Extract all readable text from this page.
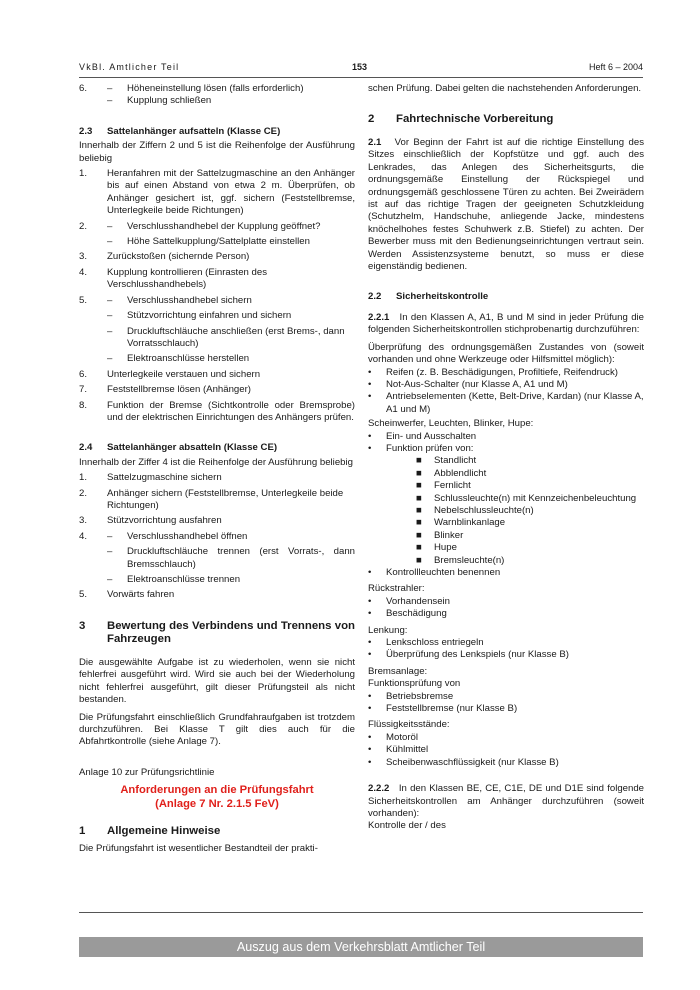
VkBl. Amtlicher Teil	153	Heft 6 – 2004
6.	–	Höheneinstellung lösen (falls erforderlich)
–	Kupplung schließen
2.3	Sattelanhänger aufsatteln (Klasse CE)

Innerhalb der Ziffern 2 und 5 ist die Reihenfolge der Ausführung beliebig

1.	Heranfahren mit der Sattelzugmaschine an den Anhänger bis auf einen Abstand von etwa 2 m. Überprüfen, ob Anhänger gesichert ist, ggf. sichern (Feststellbremse, Unterlegkeile beide Richtungen)

2.	–	Verschlusshandhebel der Kupplung geöffnet?
–	Höhe Sattelkupplung/Sattelplatte einstellen
3.	Zurückstoßen (sichernde Person)
4.	Kupplung kontrollieren (Einrasten des Verschlusshandhebels)
5.	–	Verschlusshandhebel sichern
–	Stützvorrichtung einfahren und sichern
–	Druckluftschläuche anschließen (erst Brems-, dann Vorratsschlauch)
–	Elektroanschlüsse herstellen
6.	Unterlegkeile verstauen und sichern
7.	Feststellbremse lösen (Anhänger)
8.	Funktion der Bremse (Sichtkontrolle oder Bremsprobe) und der elektrischen Einrichtungen des Anhängers prüfen.

2.4	Sattelanhänger absatteln (Klasse CE)

Innerhalb der Ziffer 4 ist die Reihenfolge der Ausführung beliebig

1.	Sattelzugmaschine sichern
2.	Anhänger sichern (Feststellbremse, Unterlegkeile beide Richtungen)
3.	Stützvorrichtung ausfahren
4.	–	Verschlusshandhebel öffnen
–	Druckluftschläuche trennen (erst Vorrats-, dann Bremsschlauch)

–	Elektroanschlüsse trennen
5.	Vorwärts fahren
3	Bewertung des Verbindens und Trennens von Fahrzeugen

Die ausgewählte Aufgabe ist zu wiederholen, wenn sie nicht fehlerfrei ausgeführt wird. Wird sie auch bei der Wiederholung nicht fehlerfrei ausgeführt, gilt dieser Prüfungsteil als nicht bestanden.

Die Prüfungsfahrt einschließlich Grundfahraufgaben ist trotzdem durchzuführen. Bei Klasse T gilt dies auch für die Abfahrtkontrolle (siehe Anlage 7).

Anlage 10 zur Prüfungsrichtlinie

Anforderungen an die Prüfungsfahrt
(Anlage 7 Nr. 2.1.5 FeV)
1	Allgemeine Hinweise

Die Prüfungsfahrt ist wesentlicher Bestandteil der prakti-

schen Prüfung. Dabei gelten die nachstehenden Anforderungen.

2	Fahrtechnische Vorbereitung

2.1 Vor Beginn der Fahrt ist auf die richtige Einstellung des Sitzes einschließlich der Kopfstütze und ggf. auch des Lenkrades, das Anlegen des Sicherheitsgurts, die ordnungsgemäße Einstellung der Rückspiegel und ordnungsgemäß geschlossene Türen zu achten. Bei Zweirädern ist auf das richtige Tragen der geeigneten Schutzkleidung (Schutzhelm, Handschuhe, anliegende Jacke, mindestens knöchelhohes festes Schuhwerk z.B. Stiefel) zu achten. Der Bewerber muss mit den Bedienungseinrichtungen vertraut sein. Werden Assistenzsysteme benutzt, so muss er diese eigenständig bedienen.

2.2	Sicherheitskontrolle

2.2.1 In den Klassen A, A1, B und M sind in jeder Prüfung die folgenden Sicherheitskontrollen stichprobenartig durchzuführen:

Überprüfung des ordnungsgemäßen Zustandes von (soweit vorhanden und ohne Werkzeuge oder Hilfsmittel möglich):

•	Reifen (z. B. Beschädigungen, Profiltiefe, Reifendruck)
•	Not-Aus-Schalter (nur Klasse A, A1 und M)
•	Antriebselementen (Kette, Belt-Drive, Kardan) (nur Klasse A, A1 und M)

Scheinwerfer, Leuchten, Blinker, Hupe:

•	Ein- und Ausschalten
•	Funktion prüfen von:
■	Standlicht
■	Abblendlicht
■	Fernlicht
■	Schlussleuchte(n) mit Kennzeichenbeleuchtung

■	Nebelschlussleuchte(n)
■	Warnblinkanlage
■	Blinker
■	Hupe
■	Bremsleuchte(n)
•	Kontrollleuchten benennen

Rückstrahler:

•	Vorhandensein
•	Beschädigung

Lenkung:

•	Lenkschloss entriegeln
•	Überprüfung des Lenkspiels (nur Klasse B)

Bremsanlage:

Funktionsprüfung von

•	Betriebsbremse
•	Feststellbremse (nur Klasse B)

Flüssigkeitsstände:

•	Motoröl
•	Kühlmittel
•	Scheibenwaschflüssigkeit (nur Klasse B)

2.2.2 In den Klassen BE, CE, C1E, DE und D1E sind folgende Sicherheitskontrollen am Anhänger durchzuführen (soweit vorhanden):

Kontrolle der / des

Auszug aus dem Verkehrsblatt Amtlicher Teil
